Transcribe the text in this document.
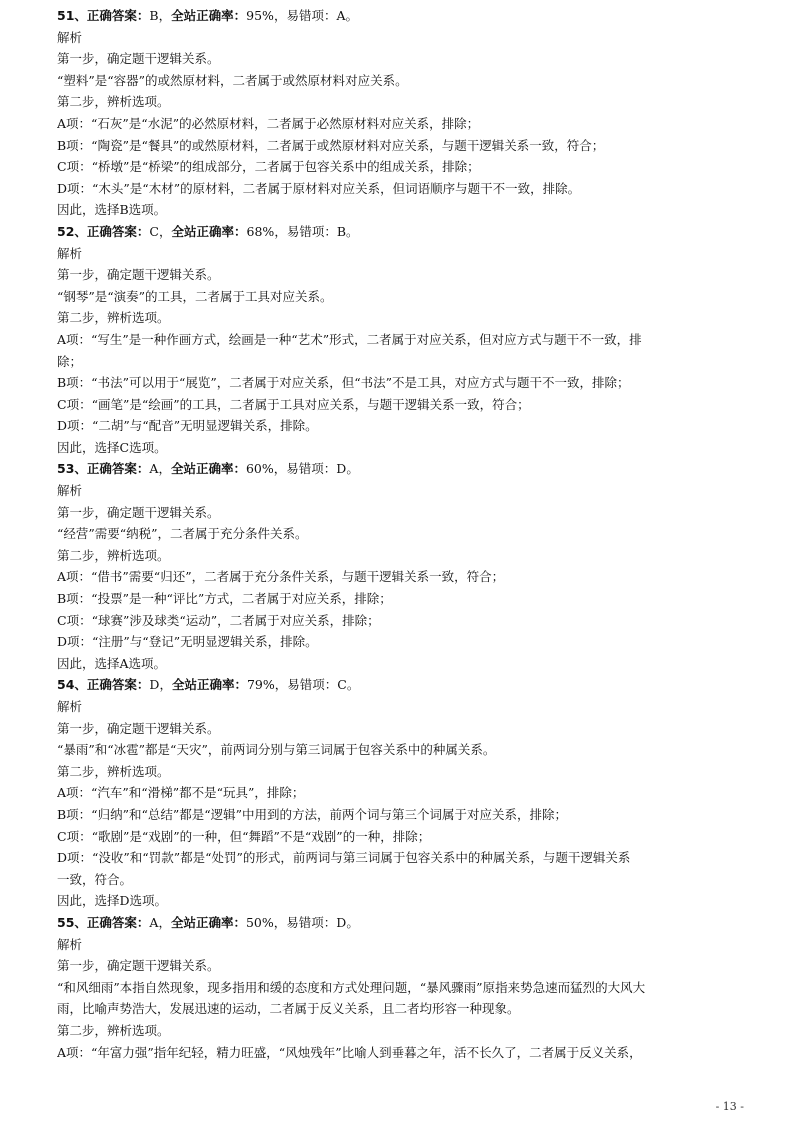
51、正确答案：B，全站正确率：95%，易错项：A。
解析
第一步，确定题干逻辑关系。
“塑料”是“容器”的或然原材料，二者属于或然原材料对应关系。
第二步，辨析选项。
A项：“石灰”是“水泥”的必然原材料，二者属于必然原材料对应关系，排除；
B项：“陶瓷”是“餐具”的或然原材料，二者属于或然原材料对应关系，与题干逻辑关系一致，符合；
C项：“桥墩”是“桥梁”的组成部分，二者属于包容关系中的组成关系，排除；
D项：“木头”是“木材”的原材料，二者属于原材料对应关系，但词语顺序与题干不一致，排除。
因此，选择B选项。
52、正确答案：C，全站正确率：68%，易错项：B。
解析
第一步，确定题干逻辑关系。
“钢琴”是“演奏”的工具，二者属于工具对应关系。
第二步，辨析选项。
A项：“写生”是一种作画方式，绘画是一种“艺术”形式，二者属于对应关系，但对应方式与题干不一致，排
除；
B项：“书法”可以用于“展览”，二者属于对应关系，但“书法”不是工具，对应方式与题干不一致，排除；
C项：“画笔”是“绘画”的工具，二者属于工具对应关系，与题干逻辑关系一致，符合；
D项：“二胡”与“配音”无明显逻辑关系，排除。
因此，选择C选项。
53、正确答案：A，全站正确率：60%，易错项：D。
解析
第一步，确定题干逻辑关系。
“经营”需要“纳税”，二者属于充分条件关系。
第二步，辨析选项。
A项：“借书”需要“归还”，二者属于充分条件关系，与题干逻辑关系一致，符合；
B项：“投票”是一种“评比”方式，二者属于对应关系，排除；
C项：“球赛”涉及球类“运动”，二者属于对应关系，排除；
D项：“注册”与“登记”无明显逻辑关系，排除。
因此，选择A选项。
54、正确答案：D，全站正确率：79%，易错项：C。
解析
第一步，确定题干逻辑关系。
“暴雨”和“冰雹”都是“天灾”，前两词分别与第三词属于包容关系中的种属关系。
第二步，辨析选项。
A项：“汽车”和“滑梯”都不是“玩具”，排除；
B项：“归纳”和“总结”都是“逻辑”中用到的方法，前两个词与第三个词属于对应关系，排除；
C项：“歌剧”是“戏剧”的一种，但“舞蹈”不是“戏剧”的一种，排除；
D项：“没收”和“罚款”都是“处罚”的形式，前两词与第三词属于包容关系中的种属关系，与题干逻辑关系
一致，符合。
因此，选择D选项。
55、正确答案：A，全站正确率：50%，易错项：D。
解析
第一步，确定题干逻辑关系。
“和风细雨”本指自然现象，现多指用和缓的态度和方式处理问题，“暴风骤雨”原指来势急速而猛烈的大风大
雨，比喻声势浩大，发展迅速的运动，二者属于反义关系，且二者均形容一种现象。
第二步，辨析选项。
A项：“年富力强”指年纪轻，精力旺盛，“风烛残年”比喻人到垂暮之年，活不长久了，二者属于反义关系，
- 13 -
